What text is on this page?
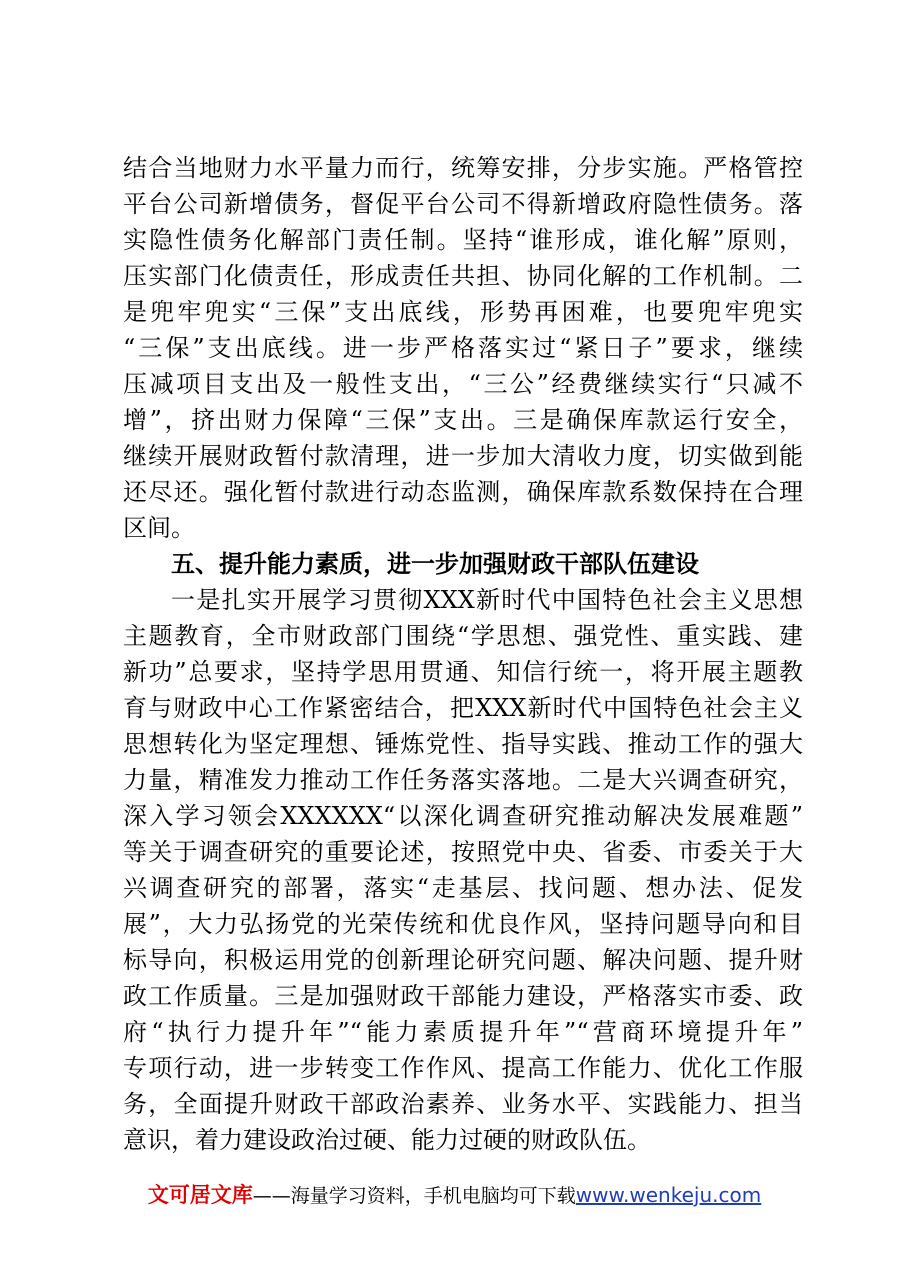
结合当地财力水平量力而行，统筹安排，分步实施。严格管控
平台公司新增债务，督促平台公司不得新增政府隐性债务。落
实隐性债务化解部门责任制。坚持“谁形成，谁化解”原则，
压实部门化债责任，形成责任共担、协同化解的工作机制。二
是兜牢兜实“三保”支出底线，形势再困难，也要兜牢兜实
“三保”支出底线。进一步严格落实过“紧日子”要求，继续
压减项目支出及一般性支出，“三公”经费继续实行“只减不
增”，挤出财力保障“三保”支出。三是确保库款运行安全，
继续开展财政暂付款清理，进一步加大清收力度，切实做到能
还尽还。强化暂付款进行动态监测，确保库款系数保持在合理
区间。
五、提升能力素质，进一步加强财政干部队伍建设
一是扎实开展学习贯彻XXX新时代中国特色社会主义思想
主题教育，全市财政部门围绕“学思想、强党性、重实践、建
新功”总要求，坚持学思用贯通、知信行统一，将开展主题教
育与财政中心工作紧密结合，把XXX新时代中国特色社会主义
思想转化为坚定理想、锤炼党性、指导实践、推动工作的强大
力量，精准发力推动工作任务落实落地。二是大兴调查研究，
深入学习领会XXXXXX“以深化调查研究推动解决发展难题”
等关于调查研究的重要论述，按照党中央、省委、市委关于大
兴调查研究的部署，落实“走基层、找问题、想办法、促发
展”，大力弘扬党的光荣传统和优良作风，坚持问题导向和目
标导向，积极运用党的创新理论研究问题、解决问题、提升财
政工作质量。三是加强财政干部能力建设，严格落实市委、政
府“执行力提升年”“能力素质提升年”“营商环境提升年”
专项行动，进一步转变工作作风、提高工作能力、优化工作服
务，全面提升财政干部政治素养、业务水平、实践能力、担当
意识，着力建设政治过硬、能力过硬的财政队伍。
文可居文库——海量学习资料，手机电脑均可下载www.wenkeju.com
